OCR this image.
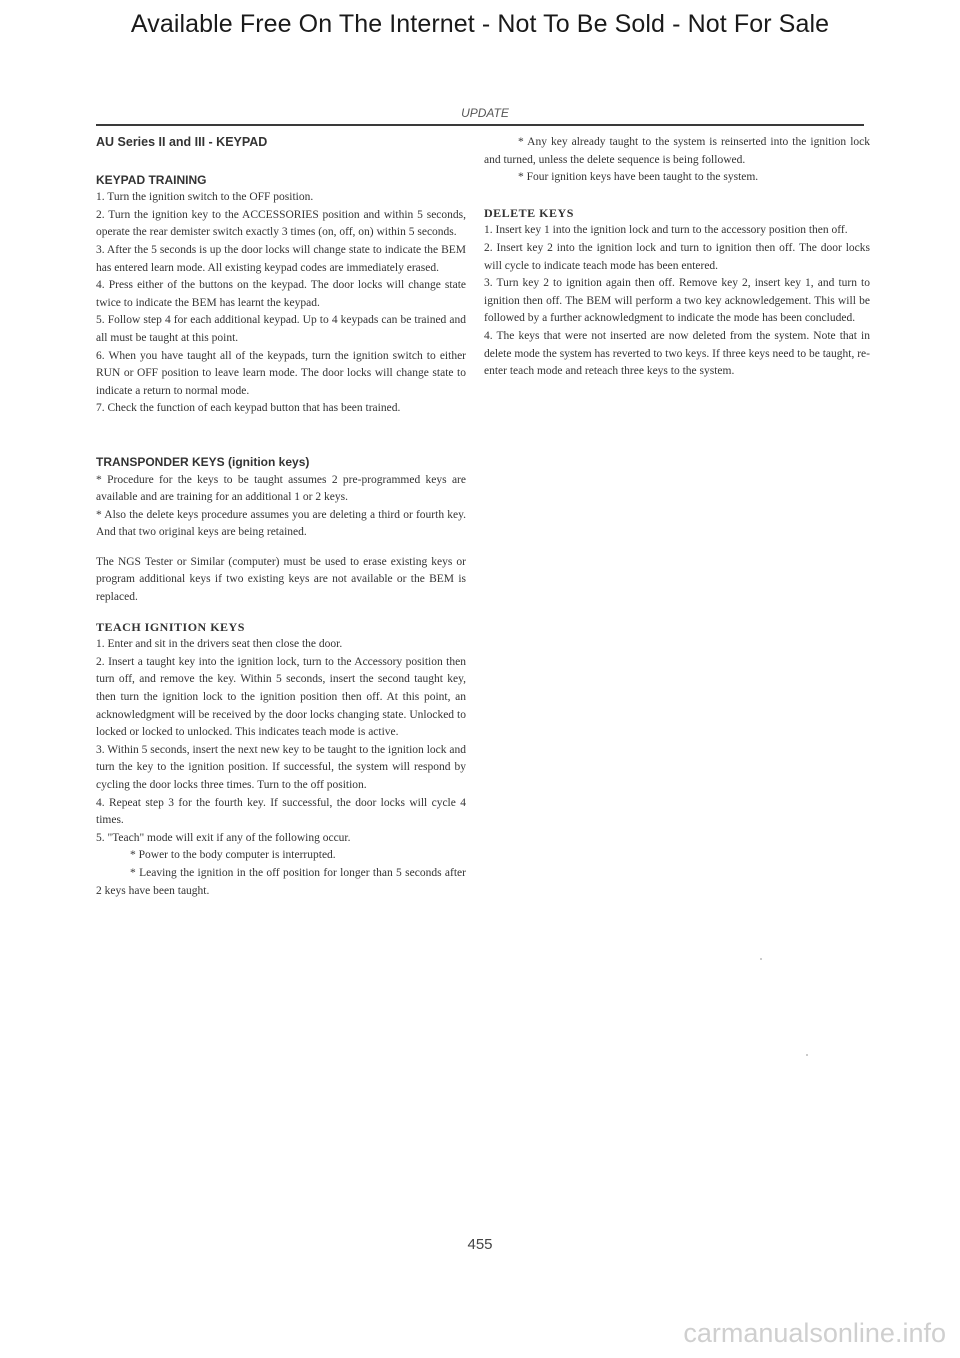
Available Free On The Internet - Not To Be Sold - Not For Sale
UPDATE
AU Series II and III - KEYPAD
KEYPAD TRAINING

1. Turn the ignition switch to the OFF position.

2. Turn the ignition key to the ACCESSORIES position and within 5 seconds, operate the rear demister switch exactly 3 times (on, off, on) within 5 seconds.

3. After the 5 seconds is up the door locks will change state to indicate the BEM has entered learn mode. All existing keypad codes are immediately erased.

4. Press either of the buttons on the keypad. The door locks will change state twice to indicate the BEM has learnt the keypad.

5. Follow step 4 for each additional keypad. Up to 4 keypads can be trained and all must be taught at this point.

6. When you have taught all of the keypads, turn the ignition switch to either RUN or OFF position to leave learn mode. The door locks will change state to indicate a return to normal mode.

7. Check the function of each keypad button that has been trained.

TRANSPONDER KEYS (ignition keys)

* Procedure for the keys to be taught assumes 2 pre-programmed keys are available and are training for an additional 1 or 2 keys.

* Also the delete keys procedure assumes you are deleting a third or fourth key. And that two original keys are being retained.

The NGS Tester or Similar (computer) must be used to erase existing keys or program additional keys if two existing keys are not available or the BEM is replaced.

TEACH IGNITION KEYS

1. Enter and sit in the drivers seat then close the door.

2. Insert a taught key into the ignition lock, turn to the Accessory position then turn off, and remove the key. Within 5 seconds, insert the second taught key, then turn the ignition lock to the ignition position then off. At this point, an acknowledgment will be received by the door locks changing state. Unlocked to locked or locked to unlocked. This indicates teach mode is active.

3. Within 5 seconds, insert the next new key to be taught to the ignition lock and turn the key to the ignition position. If successful, the system will respond by cycling the door locks three times. Turn to the off position.

4. Repeat step 3 for the fourth key. If successful, the door locks will cycle 4 times.

5. "Teach" mode will exit if any of the following occur.

* Power to the body computer is interrupted.

* Leaving the ignition in the off position for longer than 5 seconds after 2 keys have been taught.

* Any key already taught to the system is reinserted into the ignition lock and turned, unless the delete sequence is being followed.

* Four ignition keys have been taught to the system.

DELETE KEYS

1. Insert key 1 into the ignition lock and turn to the accessory position then off.

2. Insert key 2 into the ignition lock and turn to ignition then off. The door locks will cycle to indicate teach mode has been entered.

3. Turn key 2 to ignition again then off. Remove key 2, insert key 1, and turn to ignition then off. The BEM will perform a two key acknowledgement. This will be followed by a further acknowledgment to indicate the mode has been concluded.

4. The keys that were not inserted are now deleted from the system. Note that in delete mode the system has reverted to two keys. If three keys need to be taught, re-enter teach mode and reteach three keys to the system.

455
carmanualsonline.info
